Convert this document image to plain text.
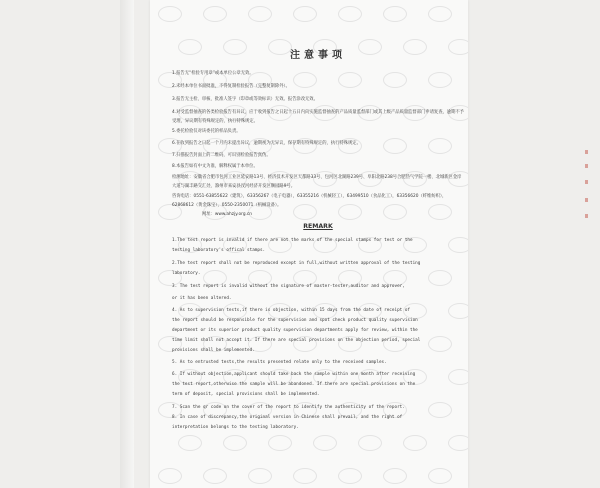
注意事项
1.报告无“检验专用章”或本单位公章无效。
2.未经本单位书面批准，不得复制检验报告（完整复制除外）。
3.报告无主检、审核、批准人签字（印章或等效标识）无效。报告涂改无效。
4.对受监督抽查的各类检验报告有异议，应于收到报告之日起十五日内向实施监督抽查的产品质量监督部门或其上级产品质量监督部门申请复查，逾期不予受理，异议期有特殊规定的，执行特殊规定。
5.委托检验仅对该委托的样品负责。
6.在收到报告之日起一个月内未提出异议，逾期视为无异议，保存期有特殊规定的，执行特殊规定。
7.扫描报告封面上的二维码，可识别检验报告真伪。
8.本报告如有中文为准，解释权属于本单位。
检测地址：安徽省合肥市包河工业区延安路13号、经济技术开发区天都路33号、包河区北湖路239号、阜阳北路238号合肥热气学院一楼、北城新区金岸大道与湖丰路交汇处、滁州市来安县汊河经济开发区顺园路9号。
咨询电话：0551-63855622（建筑），63356267（电子电器），63355216（机械轻工），63499510（食品化工），63356620（纤维纺织），62868612（黄金珠宝），0550-2350071（机械设备）。
网址：www.ahzjy.org.cn
REMARK
1.The test report is invalid if there are not the marks of the special stamps for test or the
testing laboratory's offical stamps.
2.The test report shall not be reproduced except in full,without written approval of the testing
laboratory.
3. The test report is invalid without the signature of master-tester,auditor and approver,
or it has been altered.
4. As to supervision tests,if there is objection, within 15 days from the date of receipt of
the report should be responsible for the supervision and spot check product quality supervision
department or its superior product quality supervision departments apply for review, within the
time limit shall not accept it. If there are special provisions on the objection period, special
provisions shall be implemented.
5. As to entrusted tests,the results presented relate only to the received samples.
6. If without objection,applicant should take back the sample within one month after receiving
the test report,otherwise the sample will be abandoned. If there are special provisions on the
term of deposit, special provisions shall be implemented.
7. Scan the qr code on the cover of the report to identify the authenticity of the report.
8. In case of discrepancy,the original version in Chinese shall prevail, and the right of
interpretation belongs to the testing laboratory.
